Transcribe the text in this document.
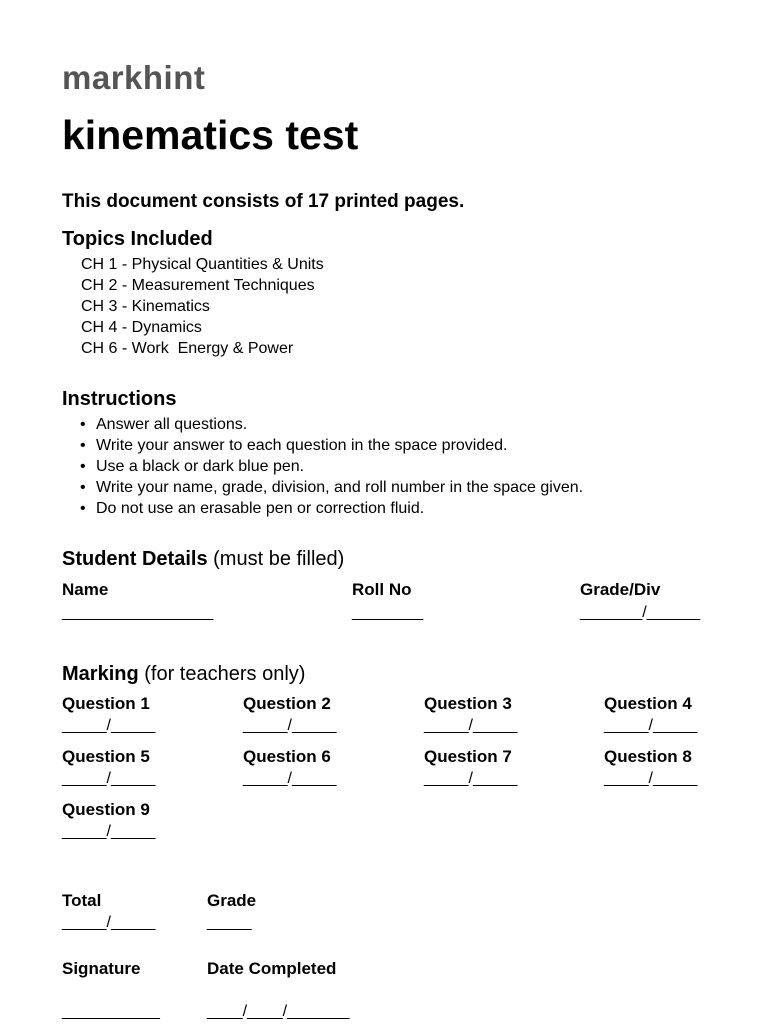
markhint
kinematics test
This document consists of 17 printed pages.
Topics Included
CH 1 - Physical Quantities & Units
CH 2 - Measurement Techniques
CH 3 - Kinematics
CH 4 - Dynamics
CH 6 - Work  Energy & Power
Instructions
• Answer all questions.
• Write your answer to each question in the space provided.
• Use a black or dark blue pen.
• Write your name, grade, division, and roll number in the space given.
• Do not use an erasable pen or correction fluid.
Student Details (must be filled)
Name
_________________
Roll No
________
Grade/Div
_______/______
Marking (for teachers only)
Question 1
_____/_____
Question 2
_____/_____
Question 3
_____/_____
Question 4
_____/_____
Question 5
_____/_____
Question 6
_____/_____
Question 7
_____/_____
Question 8
_____/_____
Question 9
_____/_____
Total
_____/_____
Grade
_____
Signature
___________
Date Completed
____/____/_______
